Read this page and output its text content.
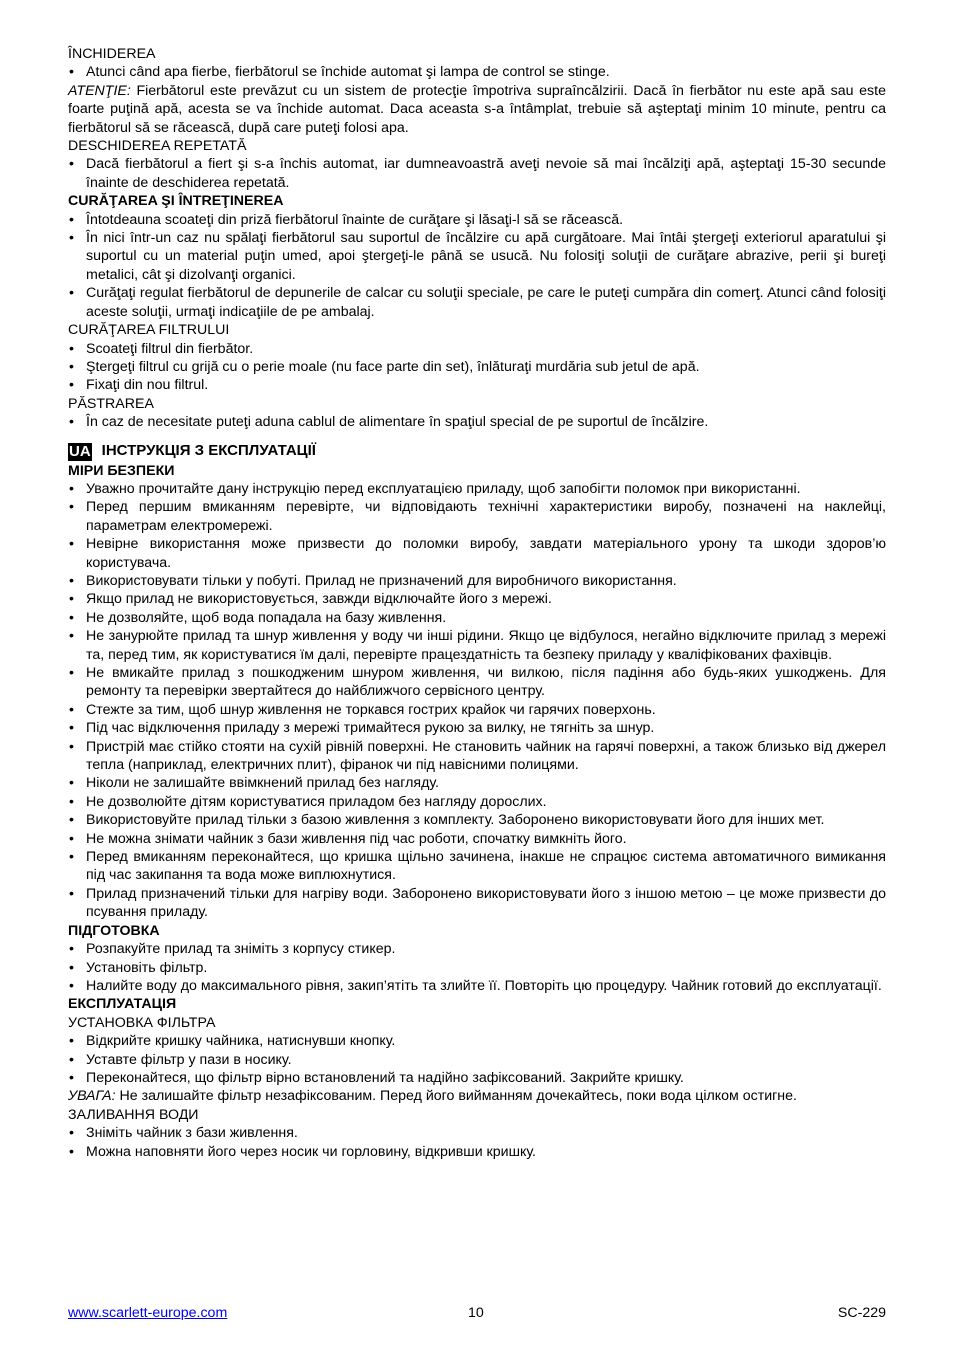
ÎNCHIDEREA

• Atunci când apa fierbe, fierbătorul se închide automat şi lampa de control se stinge.

ATENŢIE: Fierbătorul este prevăzut cu un sistem de protecţie împotriva supraîncălzirii. Dacă în fierbător nu este apă sau este foarte puţină apă, acesta se va închide automat. Daca aceasta s-a întâmplat, trebuie să aşteptaţi minim 10 minute, pentru ca fierbătorul să se răcească, după care puteţi folosi apa.

DESCHIDEREA REPETATĂ

• Dacă fierbătorul a fiert şi s-a închis automat, iar dumneavoastră aveţi nevoie să mai încălziţi apă, aşteptaţi 15-30 secunde înainte de deschiderea repetată.

CURĂŢAREA ŞI ÎNTREŢINEREA

• Întotdeauna scoateţi din priză fierbătorul înainte de curăţare şi lăsaţi-l să se răcească.
• În nici într-un caz nu spălaţi fierbătorul sau suportul de încălzire cu apă curgătoare. Mai întâi ştergeţi exteriorul aparatului şi suportul cu un material puţin umed, apoi ştergeţi-le până se usucă. Nu folosiţi soluţii de curăţare abrazive, perii şi bureţi metalici, cât şi dizolvanţi organici.
• Curăţaţi regulat fierbătorul de depunerile de calcar cu soluţii speciale, pe care le puteţi cumpăra din comerţ. Atunci când folosiţi aceste soluţii, urmaţi indicaţiile de pe ambalaj.

CURĂŢAREA FILTRULUI

• Scoateţi filtrul din fierbător.
• Ştergeţi filtrul cu grijă cu o perie moale (nu face parte din set), înlăturaţi murdăria sub jetul de apă.
• Fixaţi din nou filtrul.

PĂSTRAREA

• În caz de necesitate puteţi aduna cablul de alimentare în spaţiul special de pe suportul de încălzire.
UA ІНСТРУКЦІЯ З ЕКСПЛУАТАЦІЇ

МІРИ БЕЗПЕКИ

• Уважно прочитайте дану інструкцію перед експлуатацією приладу, щоб запобігти поломок при використанні.
• Перед першим вмиканням перевірте, чи відповідають технічні характеристики виробу, позначені на наклейці, параметрам електромережі.
• Невірне використання може призвести до поломки виробу, завдати матеріального урону та шкоди здоров’ю користувача.
• Використовувати тільки у побуті. Прилад не призначений для виробничого використання.
• Якщо прилад не використовується, завжди відключайте його з мережі.
• Не дозволяйте, щоб вода попадала на базу живлення.
• Не занурюйте прилад та шнур живлення у воду чи інші рідини. Якщо це відбулося, негайно відключите прилад з мережі та, перед тим, як користуватися їм далі, перевірте працездатність та безпеку приладу у кваліфікованих фахівців.
• Не вмикайте прилад з пошкодженим шнуром живлення, чи вилкою, після падіння або будь-яких ушкоджень. Для ремонту та перевірки звертайтеся до найближчого сервісного центру.
• Стежте за тим, щоб шнур живлення не торкався гострих крайок чи гарячих поверхонь.
• Під час відключення приладу з мережі тримайтеся рукою за вилку, не тягніть за шнур.
• Пристрій має стійко стояти на сухій рівній поверхні. Не становить чайник на гарячі поверхні, а також близько від джерел тепла (наприклад, електричних плит), фіранок чи під навісними полицями.
• Ніколи не залишайте ввімкнений прилад без нагляду.
• Не дозволюйте дітям користуватися приладом без нагляду дорослих.
• Використовуйте прилад тільки з базою живлення з комплекту. Заборонено використовувати його для інших мет.
• Не можна знімати чайник з бази живлення під час роботи, спочатку вимкніть його.
• Перед вмиканням переконайтеся, що кришка щільно зачинена, інакше не спрацює система автоматичного вимикання під час закипання та вода може виплюхнутися.
• Прилад призначений тільки для нагріву води. Заборонено використовувати його з іншою метою – це може призвести до псування приладу.

ПІДГОТОВКА

• Розпакуйте прилад та зніміть з корпусу стикер.
• Установіть фільтр.
• Налийте воду до максимального рівня, закип’ятіть та злийте її. Повторіть цю процедуру. Чайник готовий до експлуатації.

ЕКСПЛУАТАЦІЯ

УСТАНОВКА ФІЛЬТРА

• Відкрийте кришку чайника, натиснувши кнопку.
• Уставте фільтр у пази в носику.
• Переконайтеся, що фільтр вірно встановлений та надійно зафіксований. Закрийте кришку.

УВАГА: Не залишайте фільтр незафіксованим. Перед його вийманням дочекайтесь, поки вода цілком остигне.

ЗАЛИВАННЯ ВОДИ

• Зніміть чайник з бази живлення.
• Можна наповняти його через носик чи горловину, відкривши кришку.
www.scarlett-europe.com	10	SC-229
